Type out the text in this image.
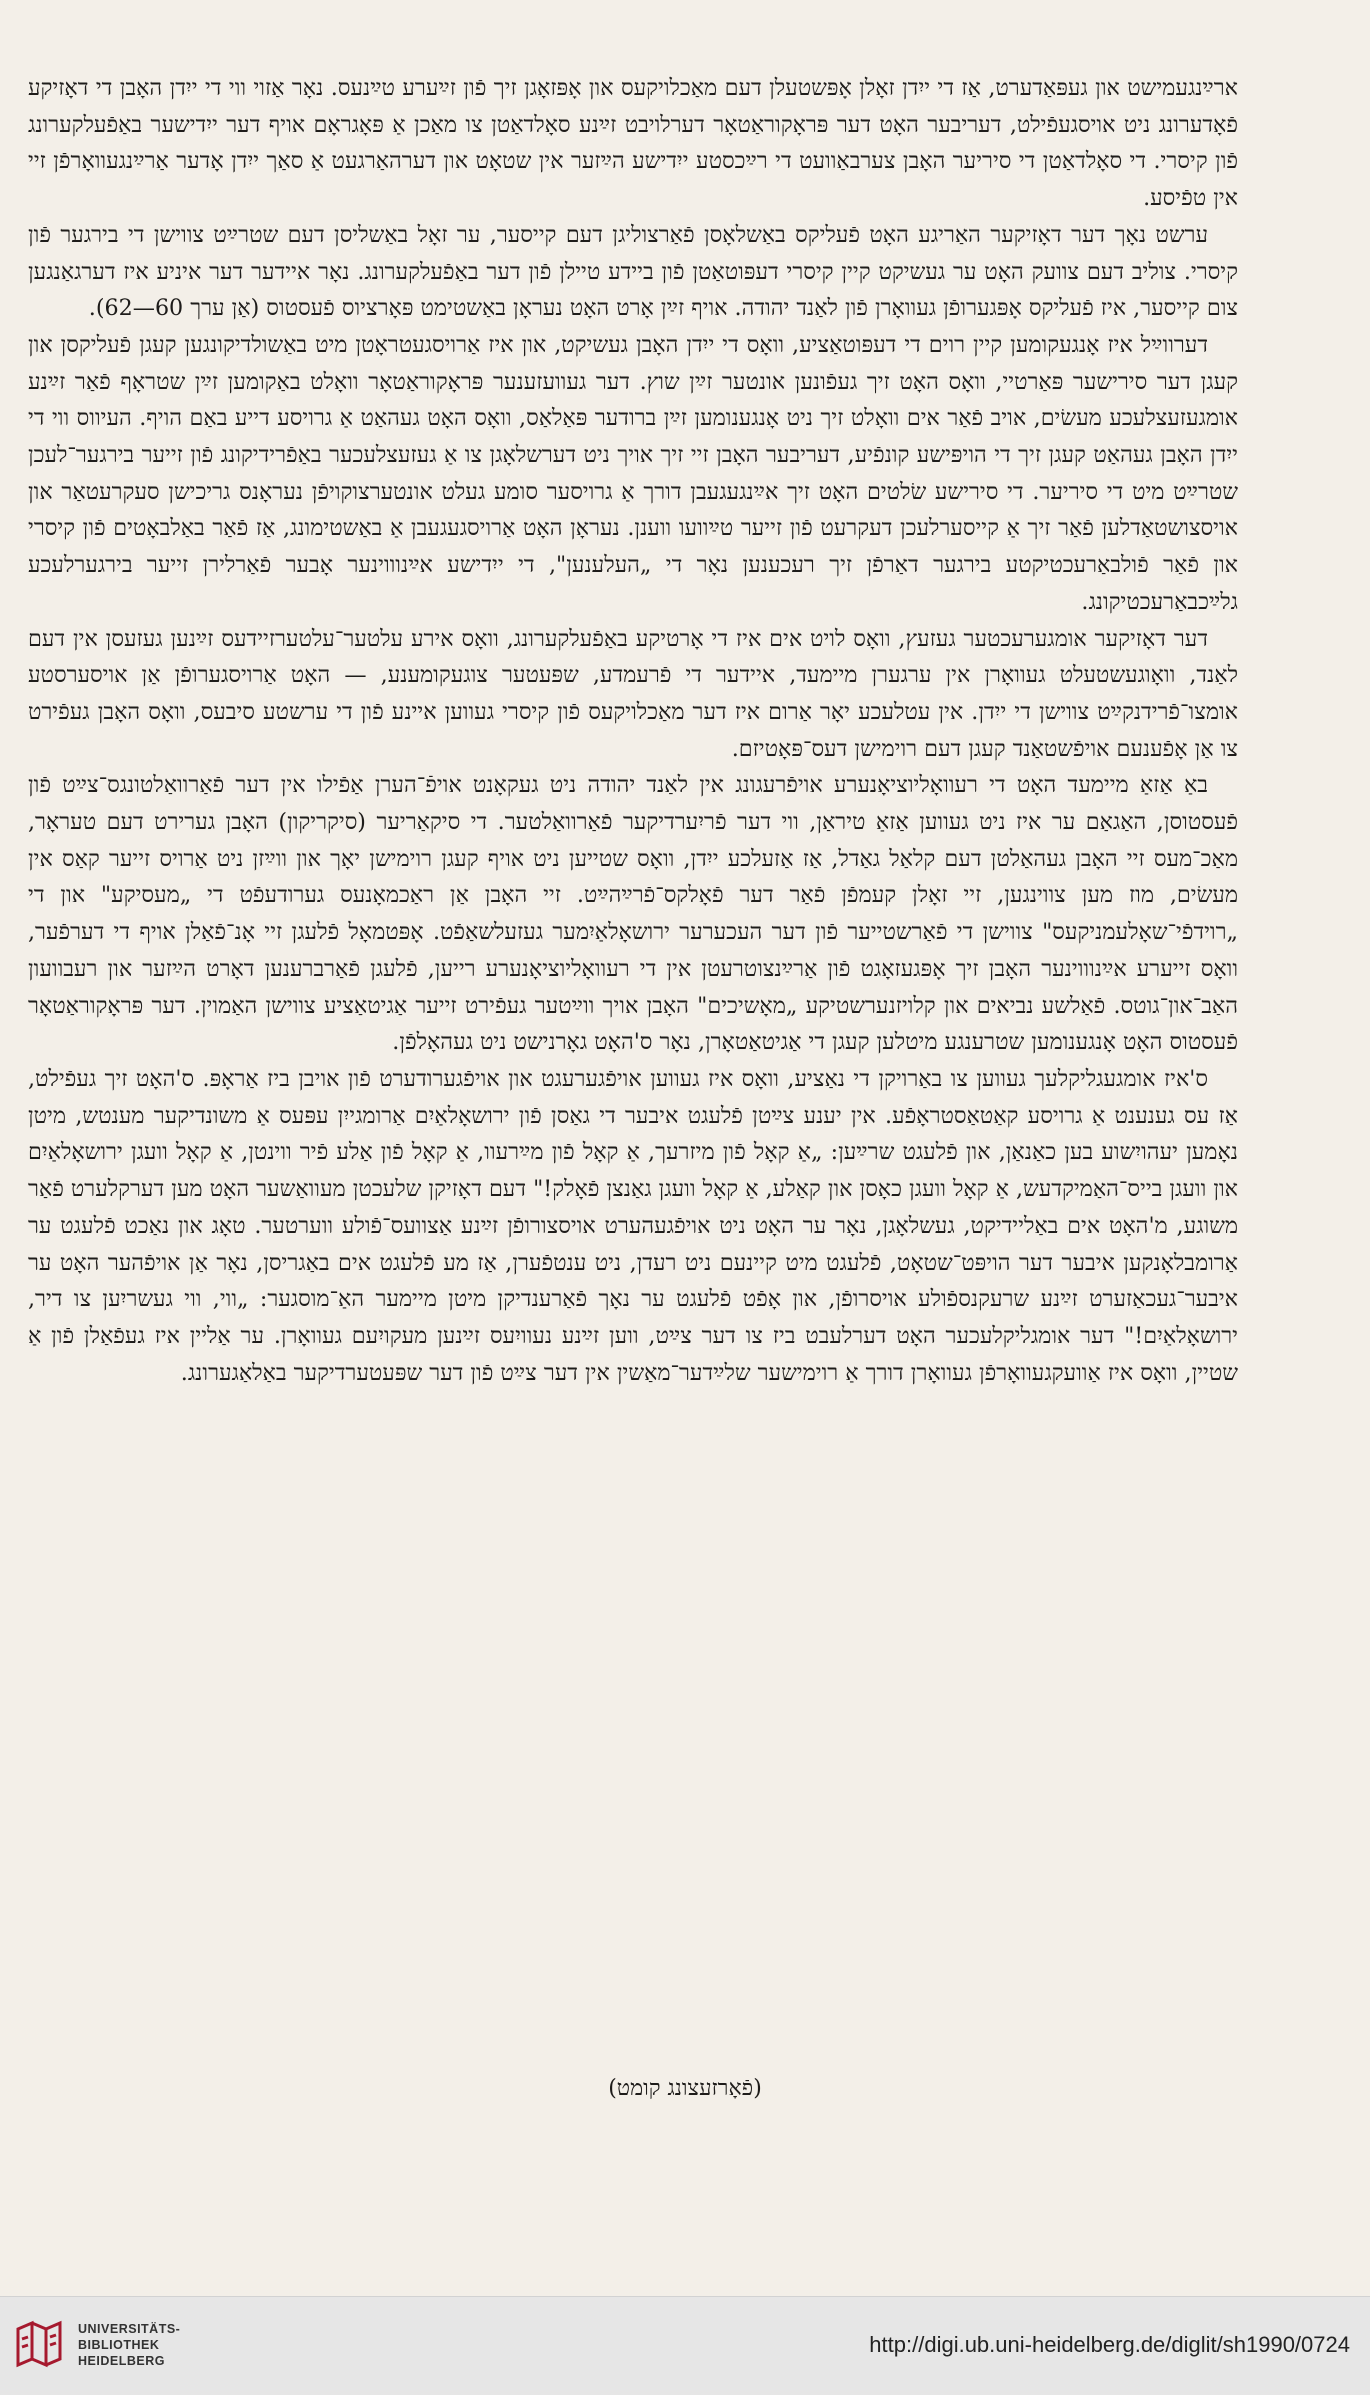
ארײַנגעמישט און געפּאַדערט, אַז די ייִדן זאָלן אָפּשטעלן דעם מאַכלויקעס און אָפּזאָגן זיך פֿון זײַערע טײַנעס. נאָר אַזוי ווי די ייִדן האָבן די דאָזיקע פֿאָדערונג ניט אויסגעפֿילט, דעריבער האָט דער פּראָקוראַטאָר דערלויבט זײַנע סאָלדאַטן צו מאַכן אַ פּאָגראָם אויף דער ייִדישער באַפֿעלקערונג פֿון קיסרי. די סאָלדאַטן די סיריער האָבן צערבאַוועט די רײַכסטע ייִדישע הײַזער אין שטאָט און דערהאַרגעט אַ סאַך ייִדן אָדער אַרײַנגעוואָרפֿן זיי אין טפֿיסע.

ערשט נאָך דער דאָזיקער האַריגע האָט פֿעליקס באַשלאָסן פֿאַרצוליגן דעם קייסער, ער זאָל באַשליסן דעם שטרײַט צווישן די בירגער פֿון קיסרי. צוליב דעם צוועק האָט ער געשיקט קיין קיסרי דעפּוטאַטן פֿון ביידע טיילן פֿון דער באַפֿעלקערונג. נאָר איידער דער איניע איז דערגאַנגען צום קייסער, איז פֿעליקס אָפּגערופֿן געוואָרן פֿון לאַנד יהודה. אויף זײַן אָרט האָט נעראָן באַשטימט פּאָרציוס פֿעסטוס (אַן ערך 60—62).

דערווײַל איז אָנגעקומען קיין רוים די דעפּוטאַציע, וואָס די ייִדן האָבן געשיקט, און איז אַרויסגעטראָטן מיט באַשולדיקונגען קעגן פֿעליקסן און קעגן דער סירישער פּאַרטיי, וואָס האָט זיך געפֿונען אונטער זײַן שוץ. דער געוועזענער פּראָקוראַטאָר וואָלט באַקומען זײַן שטראָף פֿאַר זײַנע אומגעזעצלעכע מעשׂים, אויב פֿאַר אים וואָלט זיך ניט אָנגענומען זײַן ברודער פּאַלאַס, וואָס האָט געהאַט אַ גרויסע דייע באַם הויף. העיווס ווי די ייִדן האָבן געהאַט קעגן זיך די הויפּישע קונפֿיע, דעריבער האָבן זיי זיך אויך ניט דערשלאָגן צו אַ געזעצלעכער באַפֿרידיקונג פֿון זייער בירגער־לעכן שטרײַט מיט די סיריער. די סירישע שׂלטים האָט זיך אײַנגעגעבן דורך אַ גרויסער סומע געלט אונטערצוקויפֿן נעראָנס גריכישן סעקרעטאַר און אויסצושטאַדלען פֿאַר זיך אַ קייסערלעכן דעקרעט פֿון זייער טײַוועו ווענן. נעראָן האָט אַרויסגעגעבן אַ באַשטימונג, אַז פֿאַר באַלבאָטים פֿון קיסרי און פֿאַר פֿולבאַרעכטיקטע בירגער דאַרפֿן זיך רעכענען נאָר די „העלענען", די ייִדישע אײַנוווינער אָבער פֿאַרלירן זייער בירגערלעכע גלײַכבאַרעכטיקונג.

דער דאָזיקער אומגערעכטער געזעץ, וואָס לויט אים איז די אָרטיקע באַפֿעלקערונג, וואָס אירע עלטער־עלטערזיידעס זײַנען געזעסן אין דעם לאַנד, וואָוגעשטעלט געוואָרן אין ערגערן מיימעד, איידער די פֿרעמדע, שפּעטער צוגעקומענע, — האָט אַרויסגערופֿן אַן אויסערסטע אומצו־פֿרידנקײַט צווישן די ייִדן. אין עטלעכע יאָר אַרום איז דער מאַכלויקעס פֿון קיסרי געווען איינע פֿון די ערשטע סיבעס, וואָס האָבן געפֿירט צו אַן אָפֿענעם אויפֿשטאַנד קעגן דעם רוימישן דעס־פּאָטיזם.

באַ אַזאַ מיימעד האָט די רעוואָליוציאָנערע אויפֿרעגונג אין לאַנד יהודה ניט געקאָנט אויפֿ־הערן אַפֿילו אין דער פֿאַרוואַלטונגס־צײַט פֿון פֿעסטוסן, האַגאַם ער איז ניט געווען אַזאַ טיראַן, ווי דער פֿריִערדיקער פֿאַרוואַלטער. די סיקאַריער (סיקריקון) האָבן גערירט דעם טעראָר, מאַכ־מעס זיי האָבן געהאַלטן דעם קלאַל גאַדל, אַז אַזעלכע ייִדן, וואָס שטייען ניט אויף קעגן רוימישן יאָך און ווײַזן ניט אַרויס זייער קאַס אין מעשׂים, מוז מען צווינגען, זיי זאָלן קעמפֿן פֿאַר דער פֿאָלקס־פֿרײַהײַט. זיי האָבן אַן ראַכמאָנעס גערודעפֿט די „מעסיקע" און די „רוידפֿי־שאָלעמניקעס" צווישן די פֿאַרשטייער פֿון דער העכערער ירושאָלאַיִמער געזעלשאַפֿט. אָפּטמאָל פֿלעגן זיי אָנ־פֿאַלן אויף די דערפֿער, וואָס זייערע אײַנוווינער האָבן זיך אָפּגעזאָגט פֿון אַרײַנצוטרעטן אין די רעוואָליוציאָנערע רייען, פֿלעגן פֿאַרברענען דאָרט הײַזער און רעבוועון האַב־און־גוטס. פֿאַלשע נביאים און קלויזנערשטיקע „מאָשיכים" האָבן אויך ווײַטער געפֿירט זייער אַגיטאַציע צווישן האַמוין. דער פּראָקוראַטאָר פֿעסטוס האָט אָנגענומען שטרענגע מיטלען קעגן די אַגיטאַטאָרן, נאָר ס'האָט גאָרנישט ניט געהאָלפֿן.

ס'איז אומגעגליקלעך געווען צו באַרויקן די נאַציע, וואָס איז געווען אויפֿגערעגט און אויפֿגערודערט פֿון אויבן ביז אַראָפּ. ס'האָט זיך געפֿילט, אַז עס גענענט אַ גרויסע קאַטאַסטראָפֿע. אין יענע צײַטן פֿלעגט איבער די גאַסן פֿון ירושאָלאַיִם אַרומגייִן עפּעס אַ משונדיקער מענטש, מיטן נאָמען יעהויִשוע בען כאַנאַן, און פֿלעגט שרײַען: „אַ קאָל פֿון מיזרעך, אַ קאָל פֿון מײַרעוו, אַ קאָל פֿון אַלע פֿיר ווינטן, אַ קאָל וועגן ירושאָלאַיִם און וועגן בייס־האַמיקדעש, אַ קאָל וועגן כאָסן און קאַלע, אַ קאָל וועגן גאַנצן פֿאָלק!" דעם דאָזיקן שלעכטן מעוואַשער האָט מען דערקלערט פֿאַר משוגע, מ'האָט אים באַליידיקט, געשלאָגן, נאָר ער האָט ניט אויפֿגעהערט אויסצורופֿן זײַנע אַצוועס־פֿולע ווערטער. טאָג און נאַכט פֿלעגט ער אַרומבלאָנקען איבער דער הויפּט־שטאָט, פֿלעגט מיט קיינעם ניט רעדן, ניט ענטפֿערן, אַז מע פֿלעגט אים באַגריסן, נאָר אַן אויפֿהער האָט ער איבער־געכאַזערט זײַנע שרעקנספֿולע אויסרופֿן, און אָפֿט פֿלעגט ער נאָך פֿאַרענדיקן מיטן מיימער האַ־מוסגער: „ווי, ווי געשריִען צו דיר, ירושאָלאַיִם!" דער אומגליקלעכער האָט דערלעבט ביז צו דער צײַט, ווען זײַנע נעוויִעס זײַנען מעקויִעם געוואָרן. ער אַליין איז געפֿאַלן פֿון אַ שטיין, וואָס איז אַוועקגעוואָרפֿן געוואָרן דורך אַ רוימישער שלײַדער־מאַשין אין דער צײַט פֿון דער שפּעטערדיקער באַלאַגערונג.

(פֿאָרזעצונג קומט)
UNIVERSITÄTS-
BIBLIOTHEK
HEIDELBERG
http://digi.ub.uni-heidelberg.de/diglit/sh1990/0724
